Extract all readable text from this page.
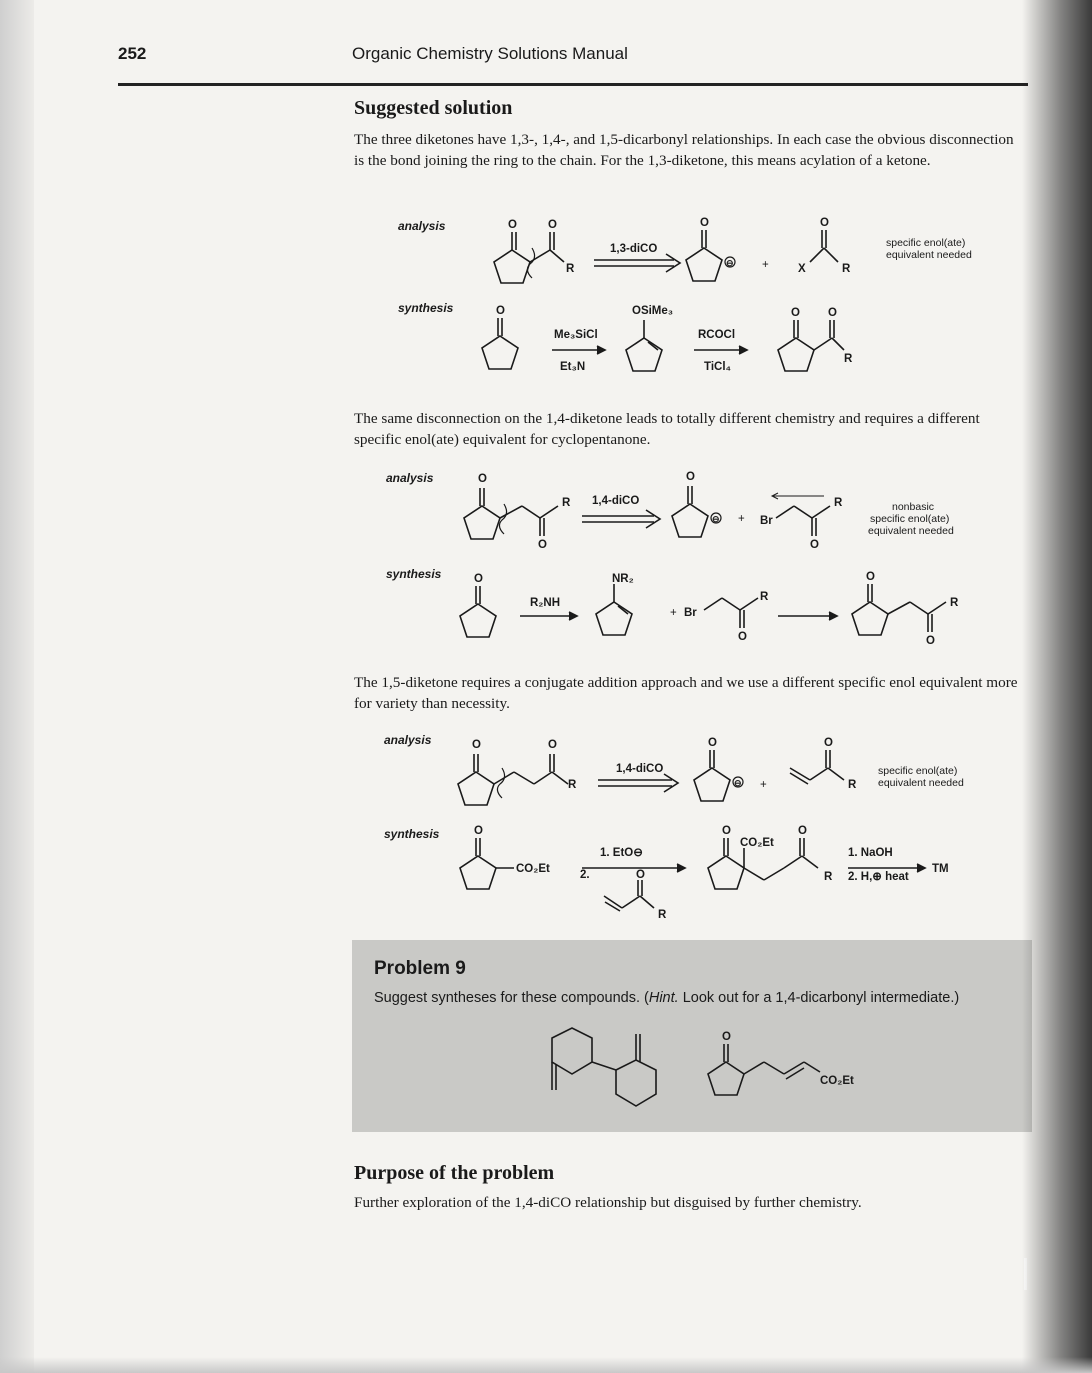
252	Organic Chemistry Solutions Manual
Suggested solution

The three diketones have 1,3-, 1,4-, and 1,5-dicarbonyl relationships. In each case the obvious disconnection is the bond joining the ring to the chain. For the 1,3-diketone, this means acylation of a ketone.

analysis
synthesis
O	O
R
1,3-diCO
O
⊖ +
O
X	R
specific enol(ate)
equivalent needed
O
Me₃SiCl
Et₃N
OSiMe₃
RCOCl
TiCl₄
O O
R

The same disconnection on the 1,4-diketone leads to totally different chemistry and requires a different specific enol(ate) equivalent for cyclopentanone.

analysis
synthesis
O
R
O
1,4-diCO
O
⊖ + Br
R
O
nonbasic
specific enol(ate)
equivalent needed
O
R₂NH
NR₂
+ Br
R
O
O
R
O

The 1,5-diketone requires a conjugate addition approach and we use a different specific enol equivalent more for variety than necessity.

analysis
synthesis
O	O
R
1,4-diCO
O
⊖ +
O
R
specific enol(ate)
equivalent needed
O
CO₂Et
1. EtO⊖
2.	O
R
O
CO₂Et
O
R
1. NaOH
2. H,⊕ heat
TM
Problem 9
Suggest syntheses for these compounds. (Hint. Look out for a 1,4-dicarbonyl intermediate.)
O
CO₂Et
Purpose of the problem

Further exploration of the 1,4-diCO relationship but disguised by further chemistry.
